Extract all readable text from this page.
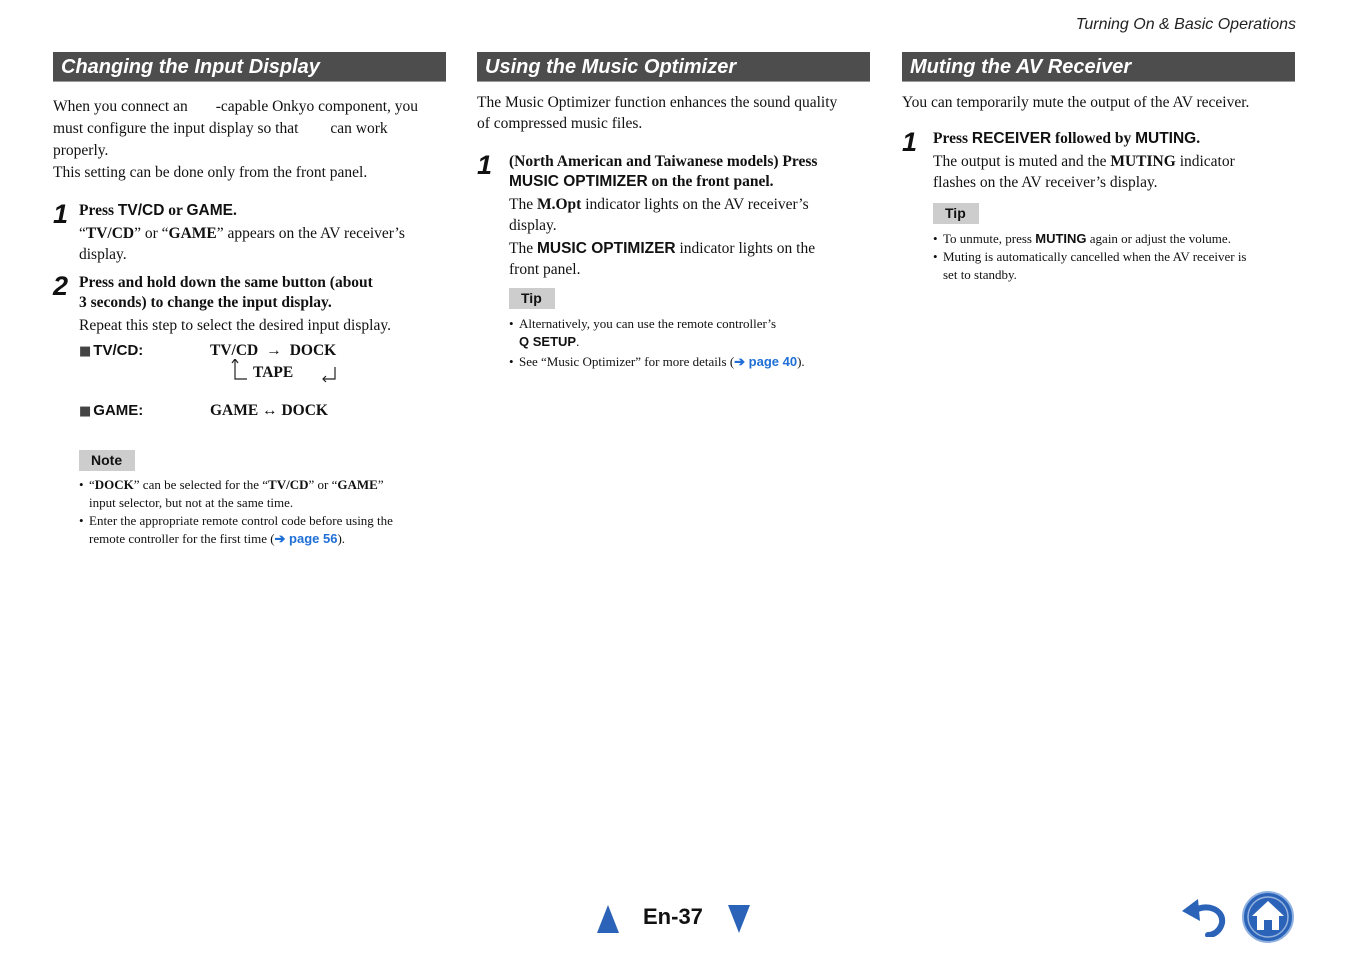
Turning On & Basic Operations
Changing the Input Display

When you connect an -capable Onkyo component, you

must configure the input display so that can work

properly.

This setting can be done only from the front panel.

1 Press TV/CD or GAME.

“TV/CD” or “GAME” appears on the AV receiver’s

display.

2 Press and hold down the same button (about
3 seconds) to change the input display.

Repeat this step to select the desired input display.

■ TV/CD:	TV/CD → DOCK
TAPE
■ GAME:	GAME ↔ DOCK
Note
• “DOCK” can be selected for the “TV/CD” or “GAME”
input selector, but not at the same time.
• Enter the appropriate remote control code before using the
remote controller for the first time (➔ page 56).
Using the Music Optimizer

The Music Optimizer function enhances the sound quality

of compressed music files.

1 (North American and Taiwanese models) Press
MUSIC OPTIMIZER on the front panel.

The M.Opt indicator lights on the AV receiver’s

display.

The MUSIC OPTIMIZER indicator lights on the

front panel.

Tip
• Alternatively, you can use the remote controller’s
Q SETUP.
• See “Music Optimizer” for more details (➔ page 40).
Muting the AV Receiver

You can temporarily mute the output of the AV receiver.

1 Press RECEIVER followed by MUTING.

The output is muted and the MUTING indicator

flashes on the AV receiver’s display.

Tip
• To unmute, press MUTING again or adjust the volume.
• Muting is automatically cancelled when the AV receiver is
set to standby.
En-37
